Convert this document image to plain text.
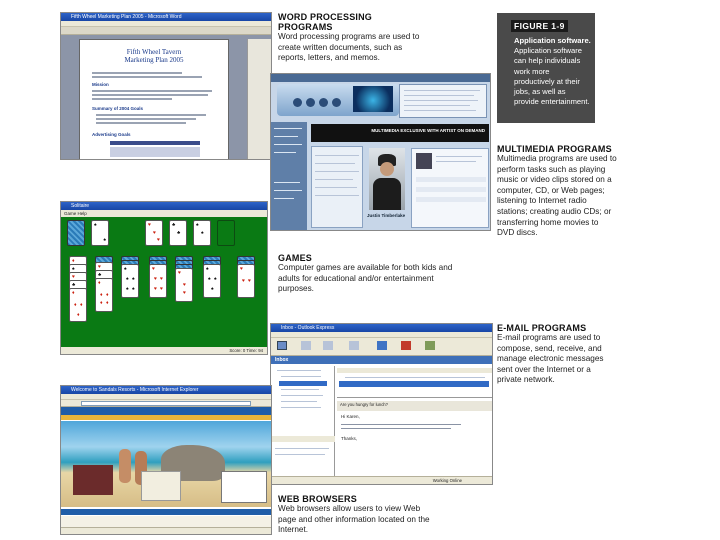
FIGURE 1-9
Application software. Application software can help individuals work more productively at their jobs, as well as provide entertainment.
Fifth Wheel Marketing Plan 2005 - Microsoft Word
Fifth Wheel Tavern
Marketing Plan 2005
Mission
Summary of 2004 Goals
Advertising Goals
WORD PROCESSING PROGRAMS
Word processing programs are used to create written documents, such as reports, letters, and memos.
MULTIMEDIA EXCLUSIVE WITH ARTIST ON DEMAND
Justin Timberlake
MULTIMEDIA PROGRAMS
Multimedia programs are used to perform tasks such as playing music or video clips stored on a computer, CD, or Web pages; listening to Internet radio stations; creating audio CDs; or transferring home movies to DVD discs.
Solitaire
Game Help
♠
♠
♥
♥
♥
♣
♣
♠
♠
♦
♠
♥
♣
♦
♦ ♦
♦
♥
♣
♦
♦ ♦
♦ ♦
♠
♠ ♠
♠ ♠
♥
♥ ♥
♥ ♥
♥
♥
♥
♠
♠ ♠
♠
♥
♥ ♥
Score: 0 Time: 94
GAMES
Computer games are available for both kids and adults for educational and/or entertainment purposes.
Inbox - Outlook Express
Inbox
Are you hungry for lunch?
Hi Karen,
Thanks,
Working Online
E-MAIL PROGRAMS
E-mail programs are used to compose, send, receive, and manage electronic messages sent over the Internet or a private network.
Welcome to Sandals Resorts - Microsoft Internet Explorer
WEB BROWSERS
Web browsers allow users to view Web page and other information located on the Internet.
